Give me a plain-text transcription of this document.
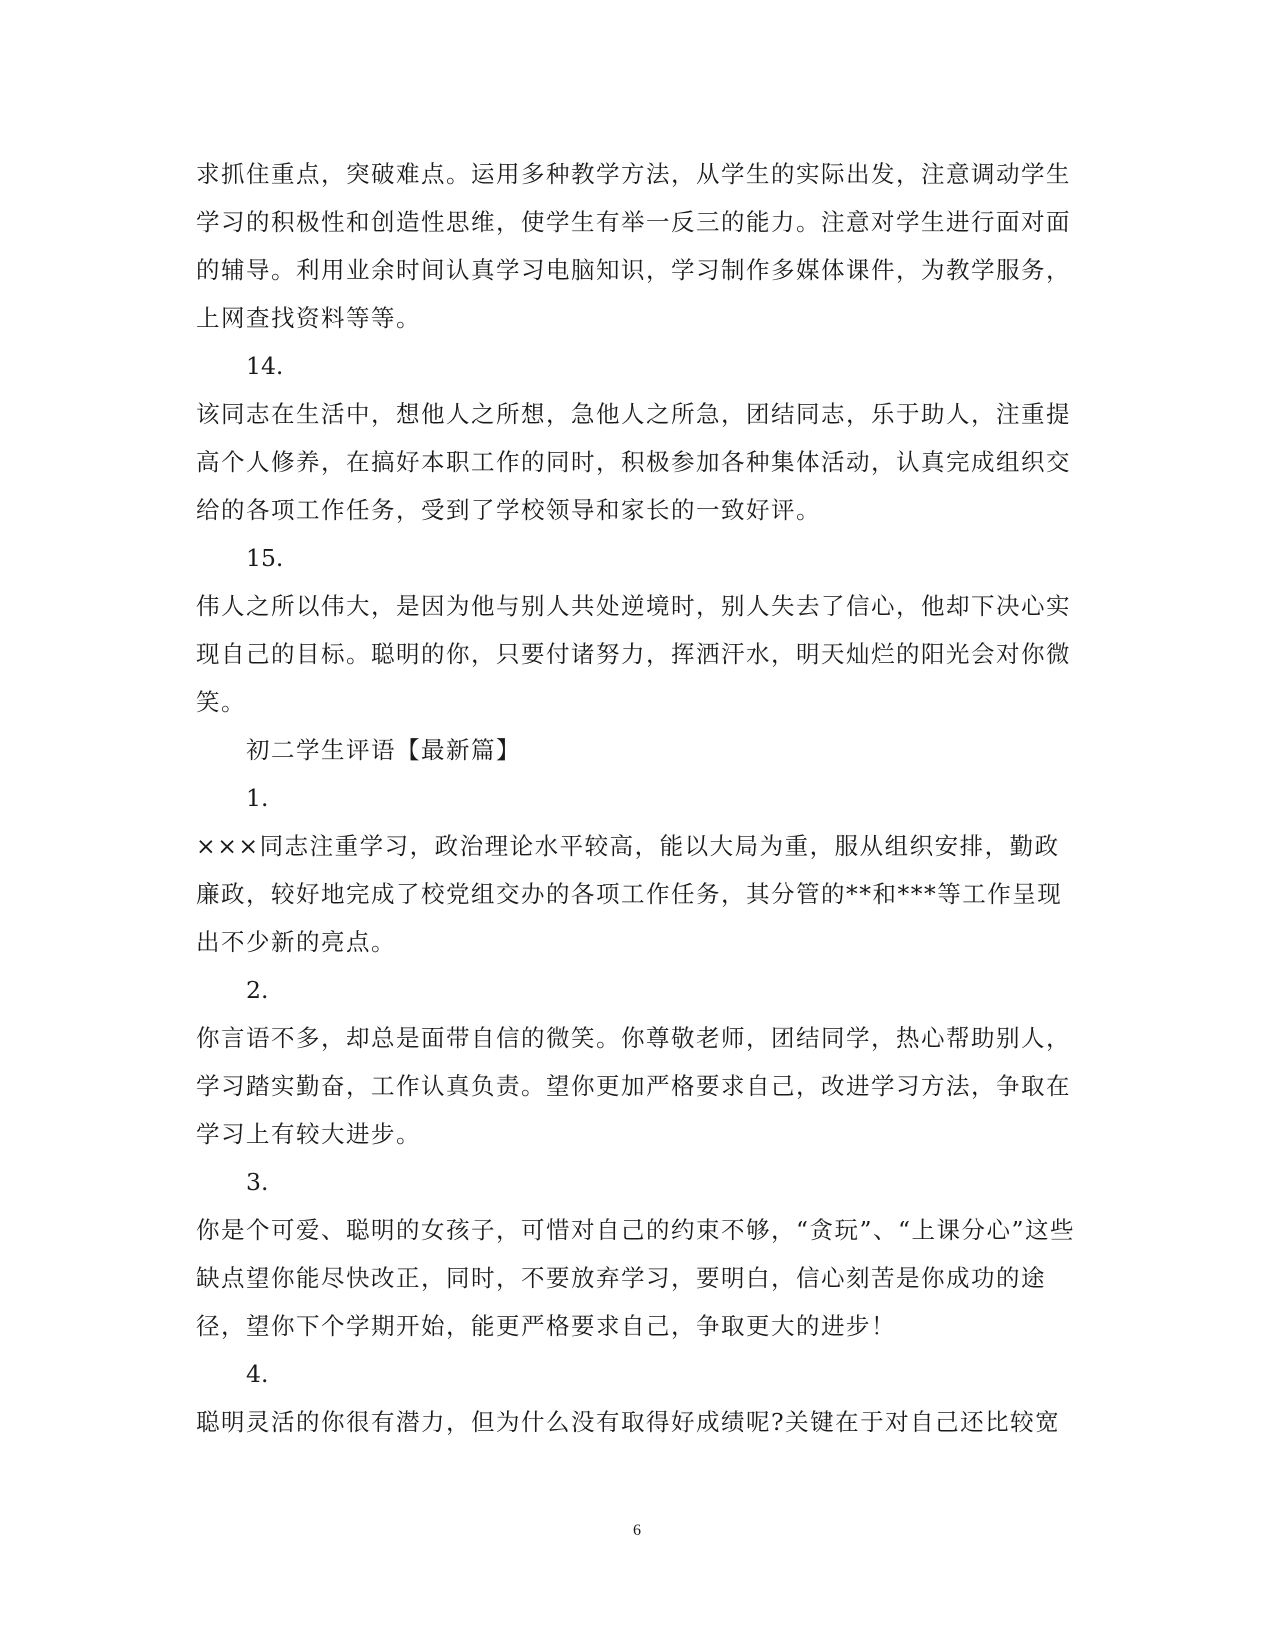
求抓住重点，突破难点。运用多种教学方法，从学生的实际出发，注意调动学生学习的积极性和创造性思维，使学生有举一反三的能力。注意对学生进行面对面的辅导。利用业余时间认真学习电脑知识，学习制作多媒体课件，为教学服务，上网查找资料等等。

14.

该同志在生活中，想他人之所想，急他人之所急，团结同志，乐于助人，注重提高个人修养，在搞好本职工作的同时，积极参加各种集体活动，认真完成组织交给的各项工作任务，受到了学校领导和家长的一致好评。

15.

伟人之所以伟大，是因为他与别人共处逆境时，别人失去了信心，他却下决心实现自己的目标。聪明的你，只要付诸努力，挥洒汗水，明天灿烂的阳光会对你微笑。

初二学生评语【最新篇】

1.

×××同志注重学习，政治理论水平较高，能以大局为重，服从组织安排，勤政廉政，较好地完成了校党组交办的各项工作任务，其分管的**和***等工作呈现出不少新的亮点。

2.

你言语不多，却总是面带自信的微笑。你尊敬老师，团结同学，热心帮助别人，学习踏实勤奋，工作认真负责。望你更加严格要求自己，改进学习方法，争取在学习上有较大进步。

3.

你是个可爱、聪明的女孩子，可惜对自己的约束不够，“贪玩”、“上课分心”这些缺点望你能尽快改正，同时，不要放弃学习，要明白，信心刻苦是你成功的途径，望你下个学期开始，能更严格要求自己，争取更大的进步！

4.

聪明灵活的你很有潜力，但为什么没有取得好成绩呢?关键在于对自己还比较宽

6
